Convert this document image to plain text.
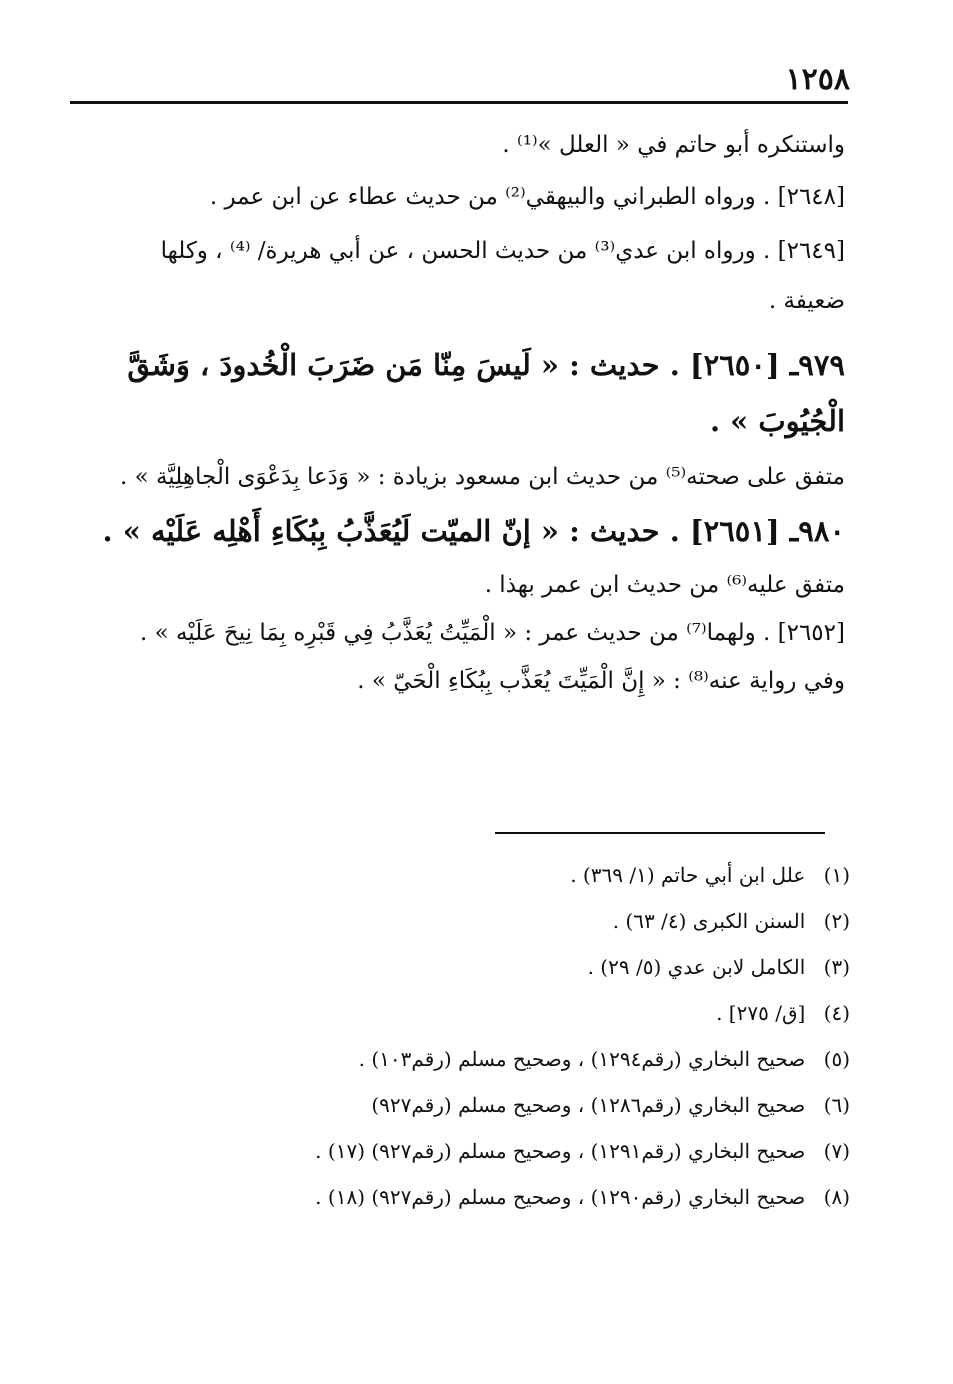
١٢٥٨
واستنكره أبو حاتم في « العلل »⁽¹⁾ .
[٢٦٤٨] . ورواه الطبراني والبيهقي⁽²⁾ من حديث عطاء عن ابن عمر .
[٢٦٤٩] . ورواه ابن عدي⁽³⁾ من حديث الحسن ، عن أبي هريرة/ ⁽⁴⁾ ، وكلها
ضعيفة .
٩٧٩ـ [٢٦٥٠] . حديث : « لَيسَ مِنّا مَن ضَرَبَ الْخُدودَ ، وَشَقَّ
الْجُيُوبَ » .
متفق على صحته⁽⁵⁾ من حديث ابن مسعود بزيادة : « وَدَعا بِدَعْوَى الْجاهِلِيَّة » .
٩٨٠ـ [٢٦٥١] . حديث : « إنّ الميّت لَيُعَذَّبُ بِبُكَاءِ أَهْلِه عَلَيْه » .
متفق عليه⁽⁶⁾ من حديث ابن عمر بهذا .
[٢٦٥٢] . ولهما⁽⁷⁾ من حديث عمر : « الْمَيِّتُ يُعَذَّبُ فِي قَبْرِه بِمَا نِيحَ عَلَيْه » .
وفي رواية عنه⁽⁸⁾ : « إِنَّ الْمَيِّتَ يُعَذَّب بِبُكَاءِ الْحَيّ » .
(١) علل ابن أبي حاتم (١/ ٣٦٩) .
(٢) السنن الكبرى (٤/ ٦٣) .
(٣) الكامل لابن عدي (٥/ ٢٩) .
(٤) [ق/ ٢٧٥] .
(٥) صحيح البخاري (رقم١٢٩٤) ، وصحيح مسلم (رقم١٠٣) .
(٦) صحيح البخاري (رقم١٢٨٦) ، وصحيح مسلم (رقم٩٢٧)
(٧) صحيح البخاري (رقم١٢٩١) ، وصحيح مسلم (رقم٩٢٧) (١٧) .
(٨) صحيح البخاري (رقم١٢٩٠) ، وصحيح مسلم (رقم٩٢٧) (١٨) .
